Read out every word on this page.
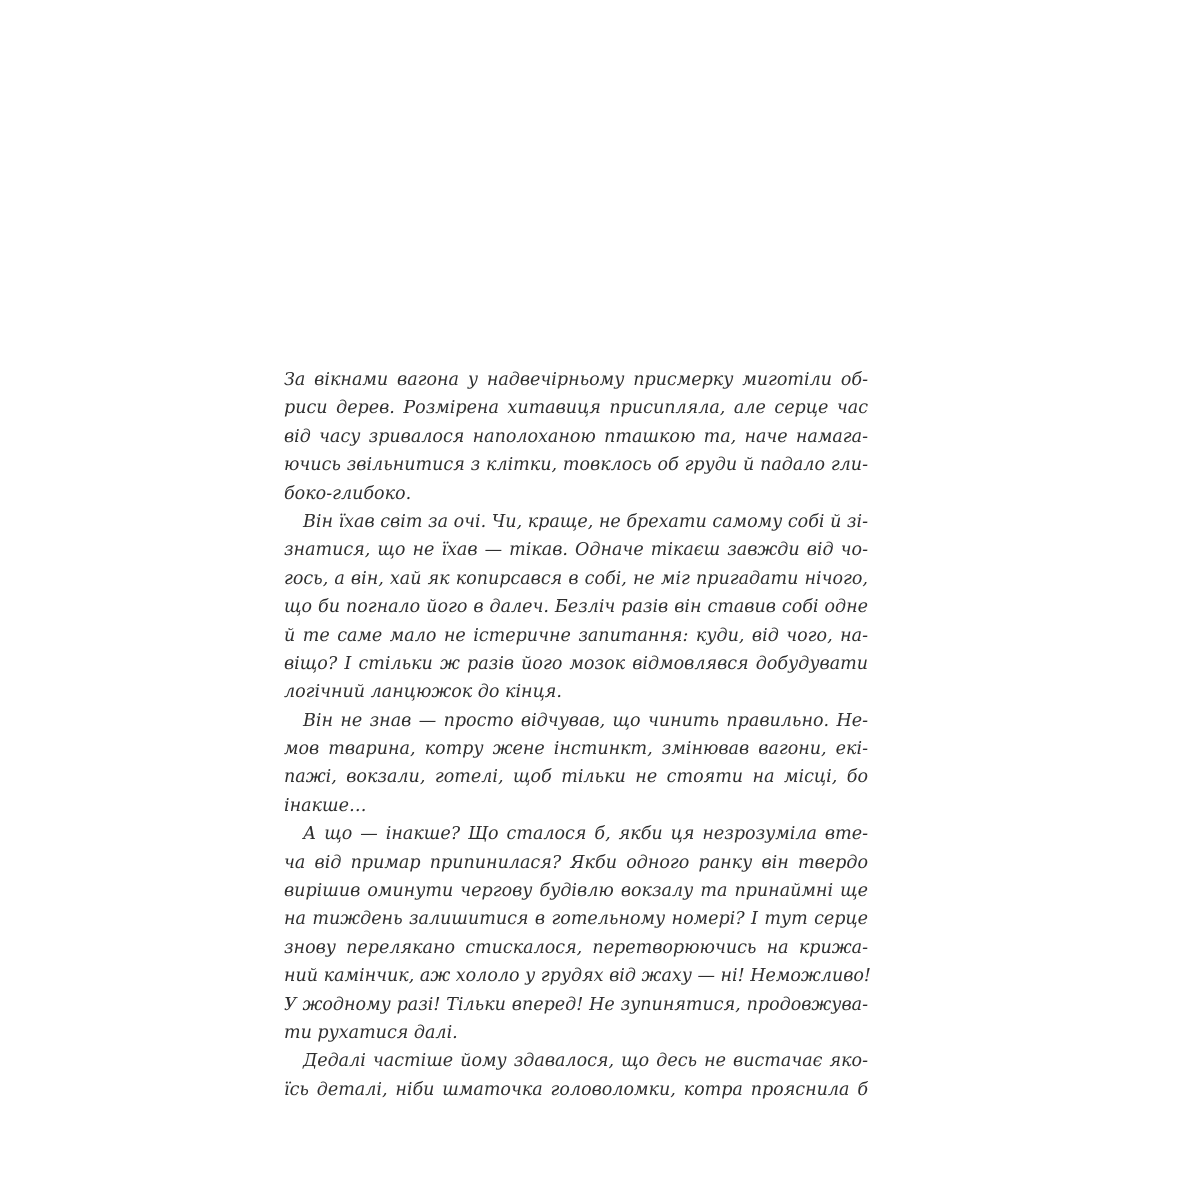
За вікнами вагона у надвечірньому присмерку миготіли об-
риси дерев. Розмірена хитавиця присипляла, але серце час
від часу зривалося наполоханою пташкою та, наче намага-
ючись звільнитися з клітки, товклось об груди й падало гли-
боко-глибоко.
Він їхав світ за очі. Чи, краще, не брехати самому собі й зі-
знатися, що не їхав — тікав. Одначе тікаєш завжди від чо-
гось, а він, хай як копирсався в собі, не міг пригадати нічого,
що би погнало його в далеч. Безліч разів він ставив собі одне
й те саме мало не істеричне запитання: куди, від чого, на-
віщо? І стільки ж разів його мозок відмовлявся добудувати
логічний ланцюжок до кінця.
Він не знав — просто відчував, що чинить правильно. Не-
мов тварина, котру жене інстинкт, змінював вагони, екі-
пажі, вокзали, готелі, щоб тільки не стояти на місці, бо
інакше…
А що — інакше? Що сталося б, якби ця незрозуміла вте-
ча від примар припинилася? Якби одного ранку він твердо
вирішив оминути чергову будівлю вокзалу та принаймні ще
на тиждень залишитися в готельному номері? І тут серце
знову перелякано стискалося, перетворюючись на крижа-
ний камінчик, аж хололо у грудях від жаху — ні! Неможливо!
У жодному разі! Тільки вперед! Не зупинятися, продовжува-
ти рухатися далі.
Дедалі частіше йому здавалося, що десь не вистачає яко-
їсь деталі, ніби шматочка головоломки, котра прояснила б
